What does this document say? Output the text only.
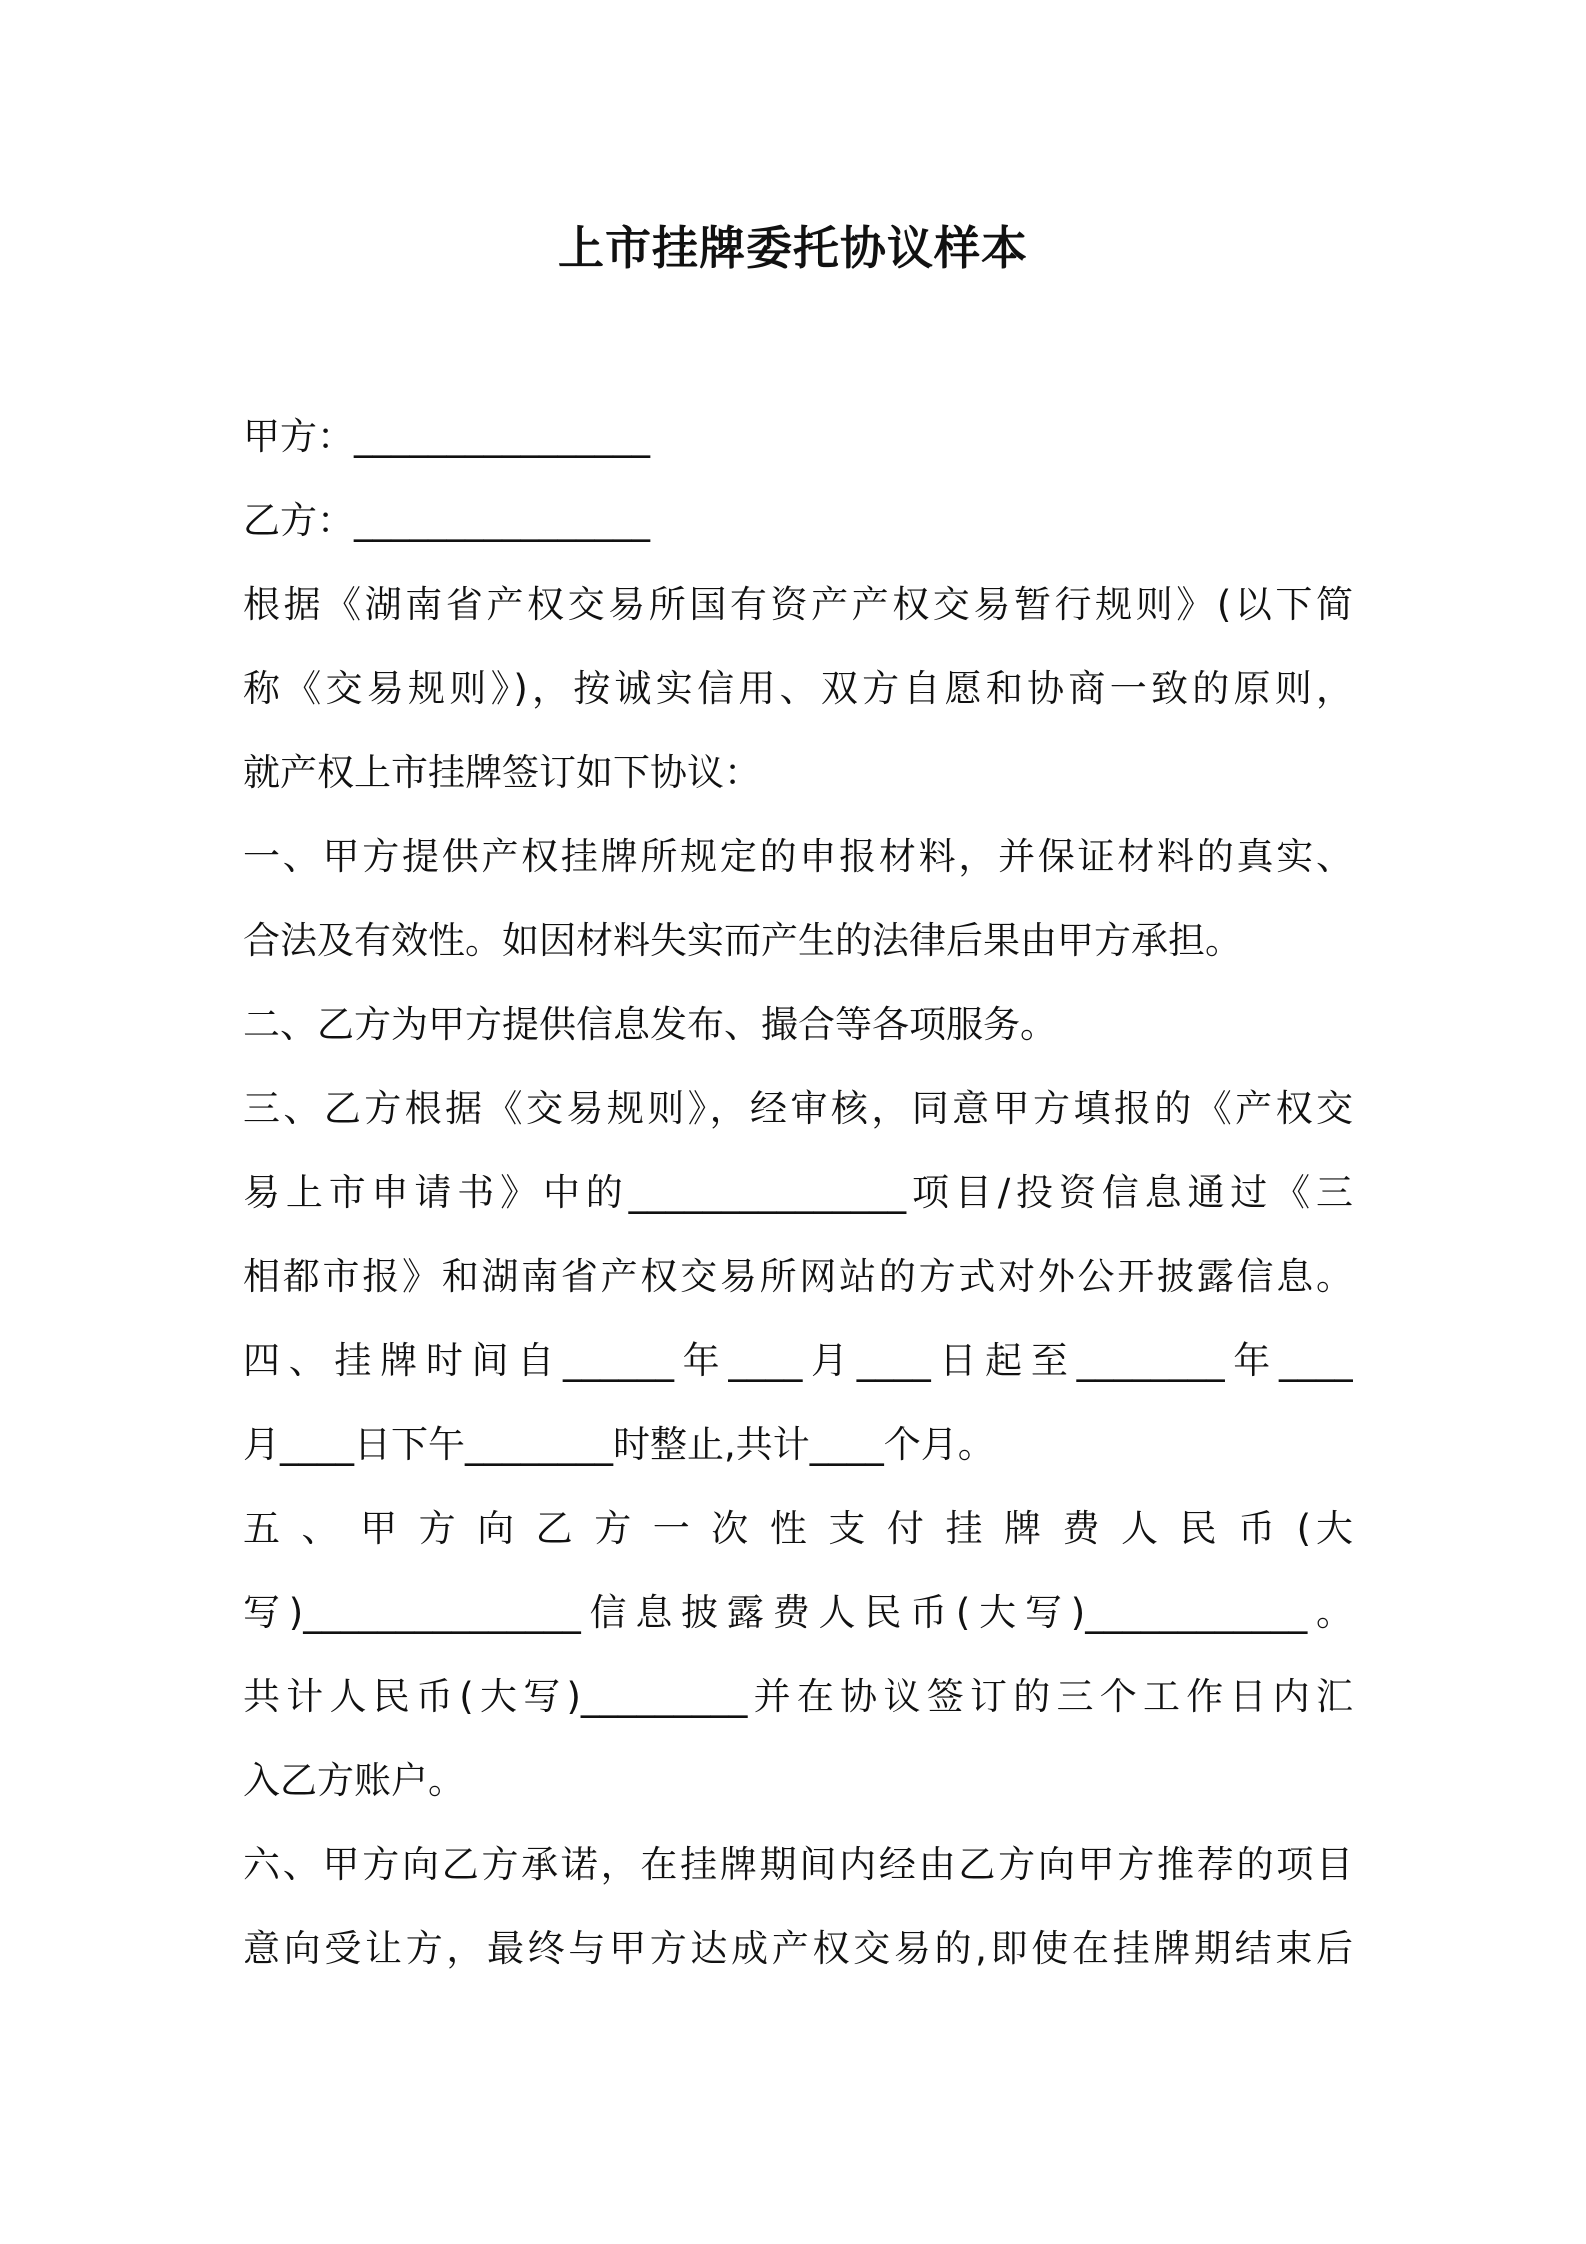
上市挂牌委托协议样本
甲方：________________
乙方：________________
根据《湖南省产权交易所国有资产产权交易暂行规则》(以下简
称《交易规则》)，按诚实信用、双方自愿和协商一致的原则，
就产权上市挂牌签订如下协议：
一、甲方提供产权挂牌所规定的申报材料，并保证材料的真实、
合法及有效性。如因材料失实而产生的法律后果由甲方承担。
二、乙方为甲方提供信息发布、撮合等各项服务。
三、乙方根据《交易规则》，经审核，同意甲方填报的《产权交
易上市申请书》中的_______________项目/投资信息通过《三
相都市报》和湖南省产权交易所网站的方式对外公开披露信息。
四、挂牌时间自______年____月____日起至________年____
月____日下午________时整止,共计____个月。
五 、 甲 方 向 乙 方 一 次 性 支 付 挂 牌 费 人 民 币 (大
写)_______________信息披露费人民币(大写)____________。
共计人民币(大写)_________并在协议签订的三个工作日内汇
入乙方账户。
六、甲方向乙方承诺，在挂牌期间内经由乙方向甲方推荐的项目
意向受让方，最终与甲方达成产权交易的,即使在挂牌期结束后
